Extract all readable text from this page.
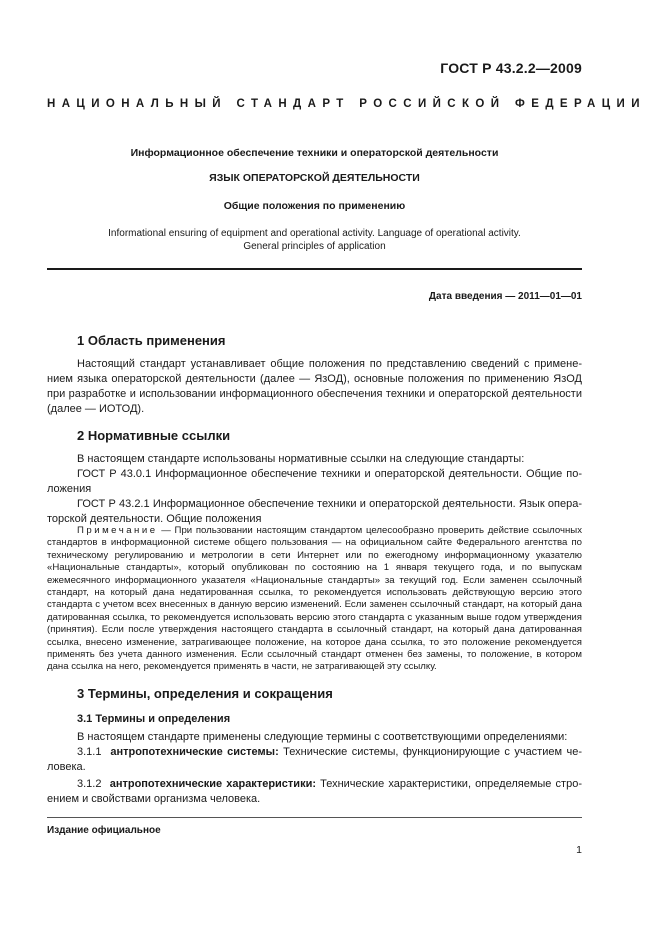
ГОСТ Р 43.2.2—2009
НАЦИОНАЛЬНЫЙ СТАНДАРТ РОССИЙСКОЙ ФЕДЕРАЦИИ
Информационное обеспечение техники и операторской деятельности
ЯЗЫК ОПЕРАТОРСКОЙ ДЕЯТЕЛЬНОСТИ
Общие положения по применению
Informational ensuring of equipment and operational activity. Language of operational activity.
General principles of application
Дата введения — 2011—01—01
1 Область применения

Настоящий стандарт устанавливает общие положения по представлению сведений с применением языка операторской деятельности (далее — ЯзОД), основные положения по применению ЯзОД при разработке и использовании информационного обеспечения техники и операторской деятельности (далее — ИОТОД).

2 Нормативные ссылки

В настоящем стандарте использованы нормативные ссылки на следующие стандарты:

ГОСТ Р 43.0.1 Информационное обеспечение техники и операторской деятельности. Общие положения

ГОСТ Р 43.2.1 Информационное обеспечение техники и операторской деятельности. Язык операторской деятельности. Общие положения

Примечание — При пользовании настоящим стандартом целесообразно проверить действие ссылочных стандартов в информационной системе общего пользования — на официальном сайте Федерального агентства по техническому регулированию и метрологии в сети Интернет или по ежегодному информационному указателю «Национальные стандарты», который опубликован по состоянию на 1 января текущего года, и по выпускам ежемесячного информационного указателя «Национальные стандарты» за текущий год. Если заменен ссылочный стандарт, на который дана недатированная ссылка, то рекомендуется использовать действующую версию этого стандарта с учетом всех внесенных в данную версию изменений. Если заменен ссылочный стандарт, на который дана датированная ссылка, то рекомендуется использовать версию этого стандарта с указанным выше годом утверждения (принятия). Если после утверждения настоящего стандарта в ссылочный стандарт, на который дана датированная ссылка, внесено изменение, затрагивающее положение, на которое дана ссылка, то это положение рекомендуется применять без учета данного изменения. Если ссылочный стандарт отменен без замены, то положение, в котором дана ссылка на него, рекомендуется применять в части, не затрагивающей эту ссылку.

3 Термины, определения и сокращения
3.1 Термины и определения

В настоящем стандарте применены следующие термины с соответствующими определениями:

3.1.1 антропотехнические системы: Технические системы, функционирующие с участием человека.

3.1.2 антропотехнические характеристики: Технические характеристики, определяемые строением и свойствами организма человека.

Издание официальное
1
